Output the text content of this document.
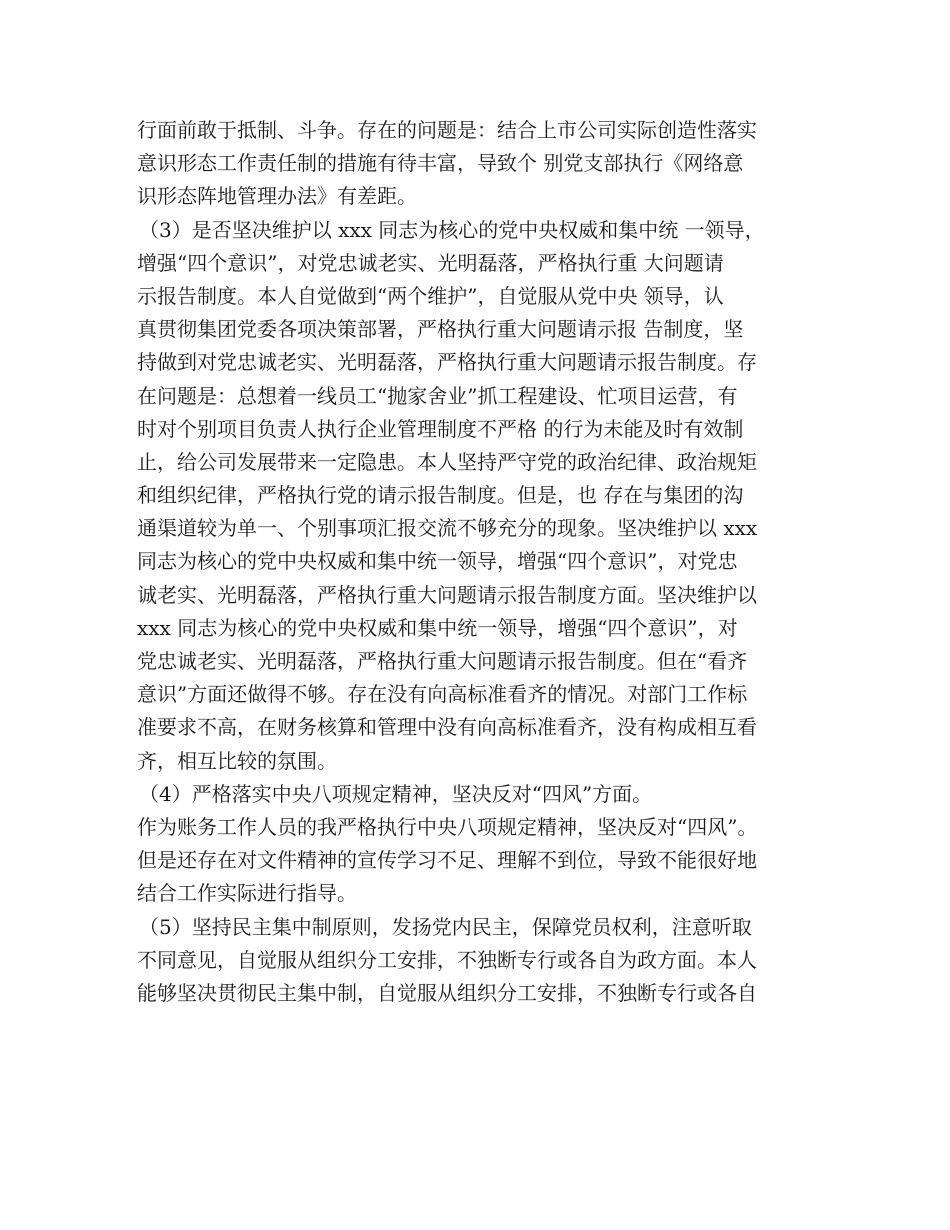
行面前敢于抵制、斗争。存在的问题是：结合上市公司实际创造性落实
意识形态工作责任制的措施有待丰富，导致个 别党支部执行《网络意
识形态阵地管理办法》有差距。
（3）是否坚决维护以 xxx 同志为核心的党中央权威和集中统 一领导，
增强“四个意识”，对党忠诚老实、光明磊落，严格执行重 大问题请
示报告制度。本人自觉做到“两个维护”，自觉服从党中央 领导，认
真贯彻集团党委各项决策部署，严格执行重大问题请示报 告制度，坚
持做到对党忠诚老实、光明磊落，严格执行重大问题请示报告制度。存
在问题是：总想着一线员工“抛家舍业”抓工程建设、忙项目运营，有
时对个别项目负责人执行企业管理制度不严格 的行为未能及时有效制
止，给公司发展带来一定隐患。本人坚持严守党的政治纪律、政治规矩
和组织纪律，严格执行党的请示报告制度。但是，也 存在与集团的沟
通渠道较为单一、个别事项汇报交流不够充分的现象。坚决维护以 xxx
同志为核心的党中央权威和集中统一领导，增强“四个意识”，对党忠
诚老实、光明磊落，严格执行重大问题请示报告制度方面。坚决维护以
xxx 同志为核心的党中央权威和集中统一领导，增强“四个意识”，对
党忠诚老实、光明磊落，严格执行重大问题请示报告制度。但在“看齐
意识”方面还做得不够。存在没有向高标准看齐的情况。对部门工作标
准要求不高，在财务核算和管理中没有向高标准看齐，没有构成相互看
齐，相互比较的氛围。
（4）严格落实中央八项规定精神，坚决反对“四风”方面。
作为账务工作人员的我严格执行中央八项规定精神，坚决反对“四风”。
但是还存在对文件精神的宣传学习不足、理解不到位，导致不能很好地
结合工作实际进行指导。
（5）坚持民主集中制原则，发扬党内民主，保障党员权利，注意听取
不同意见，自觉服从组织分工安排，不独断专行或各自为政方面。本人
能够坚决贯彻民主集中制，自觉服从组织分工安排，不独断专行或各自
